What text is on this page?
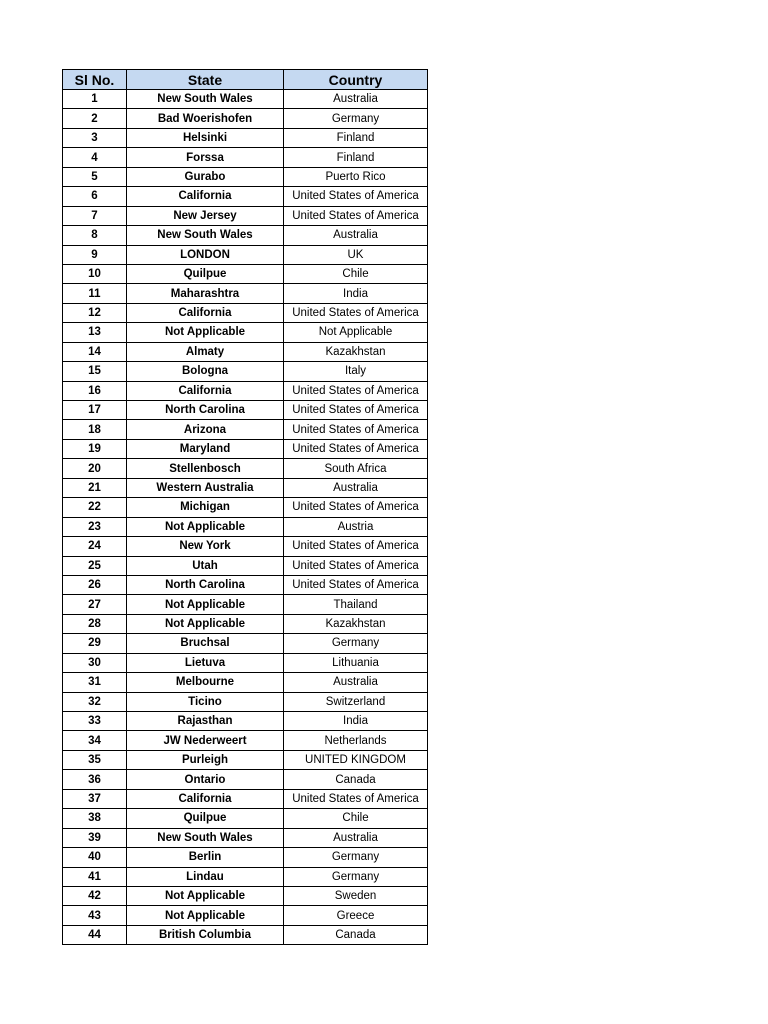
Sl No.	State	Country
1	New South Wales	Australia
2	Bad Woerishofen	Germany
3	Helsinki	Finland
4	Forssa	Finland
5	Gurabo	Puerto Rico
6	California	United States of America
7	New Jersey	United States of America
8	New South Wales	Australia
9	LONDON	UK
10	Quilpue	Chile
11	Maharashtra	India
12	California	United States of America
13	Not Applicable	Not Applicable
14	Almaty	Kazakhstan
15	Bologna	Italy
16	California	United States of America
17	North Carolina	United States of America
18	Arizona	United States of America
19	Maryland	United States of America
20	Stellenbosch	South Africa
21	Western Australia	Australia
22	Michigan	United States of America
23	Not Applicable	Austria
24	New York	United States of America
25	Utah	United States of America
26	North Carolina	United States of America
27	Not Applicable	Thailand
28	Not Applicable	Kazakhstan
29	Bruchsal	Germany
30	Lietuva	Lithuania
31	Melbourne	Australia
32	Ticino	Switzerland
33	Rajasthan	India
34	JW Nederweert	Netherlands
35	Purleigh	UNITED KINGDOM
36	Ontario	Canada
37	California	United States of America
38	Quilpue	Chile
39	New South Wales	Australia
40	Berlin	Germany
41	Lindau	Germany
42	Not Applicable	Sweden
43	Not Applicable	Greece
44	British Columbia	Canada
